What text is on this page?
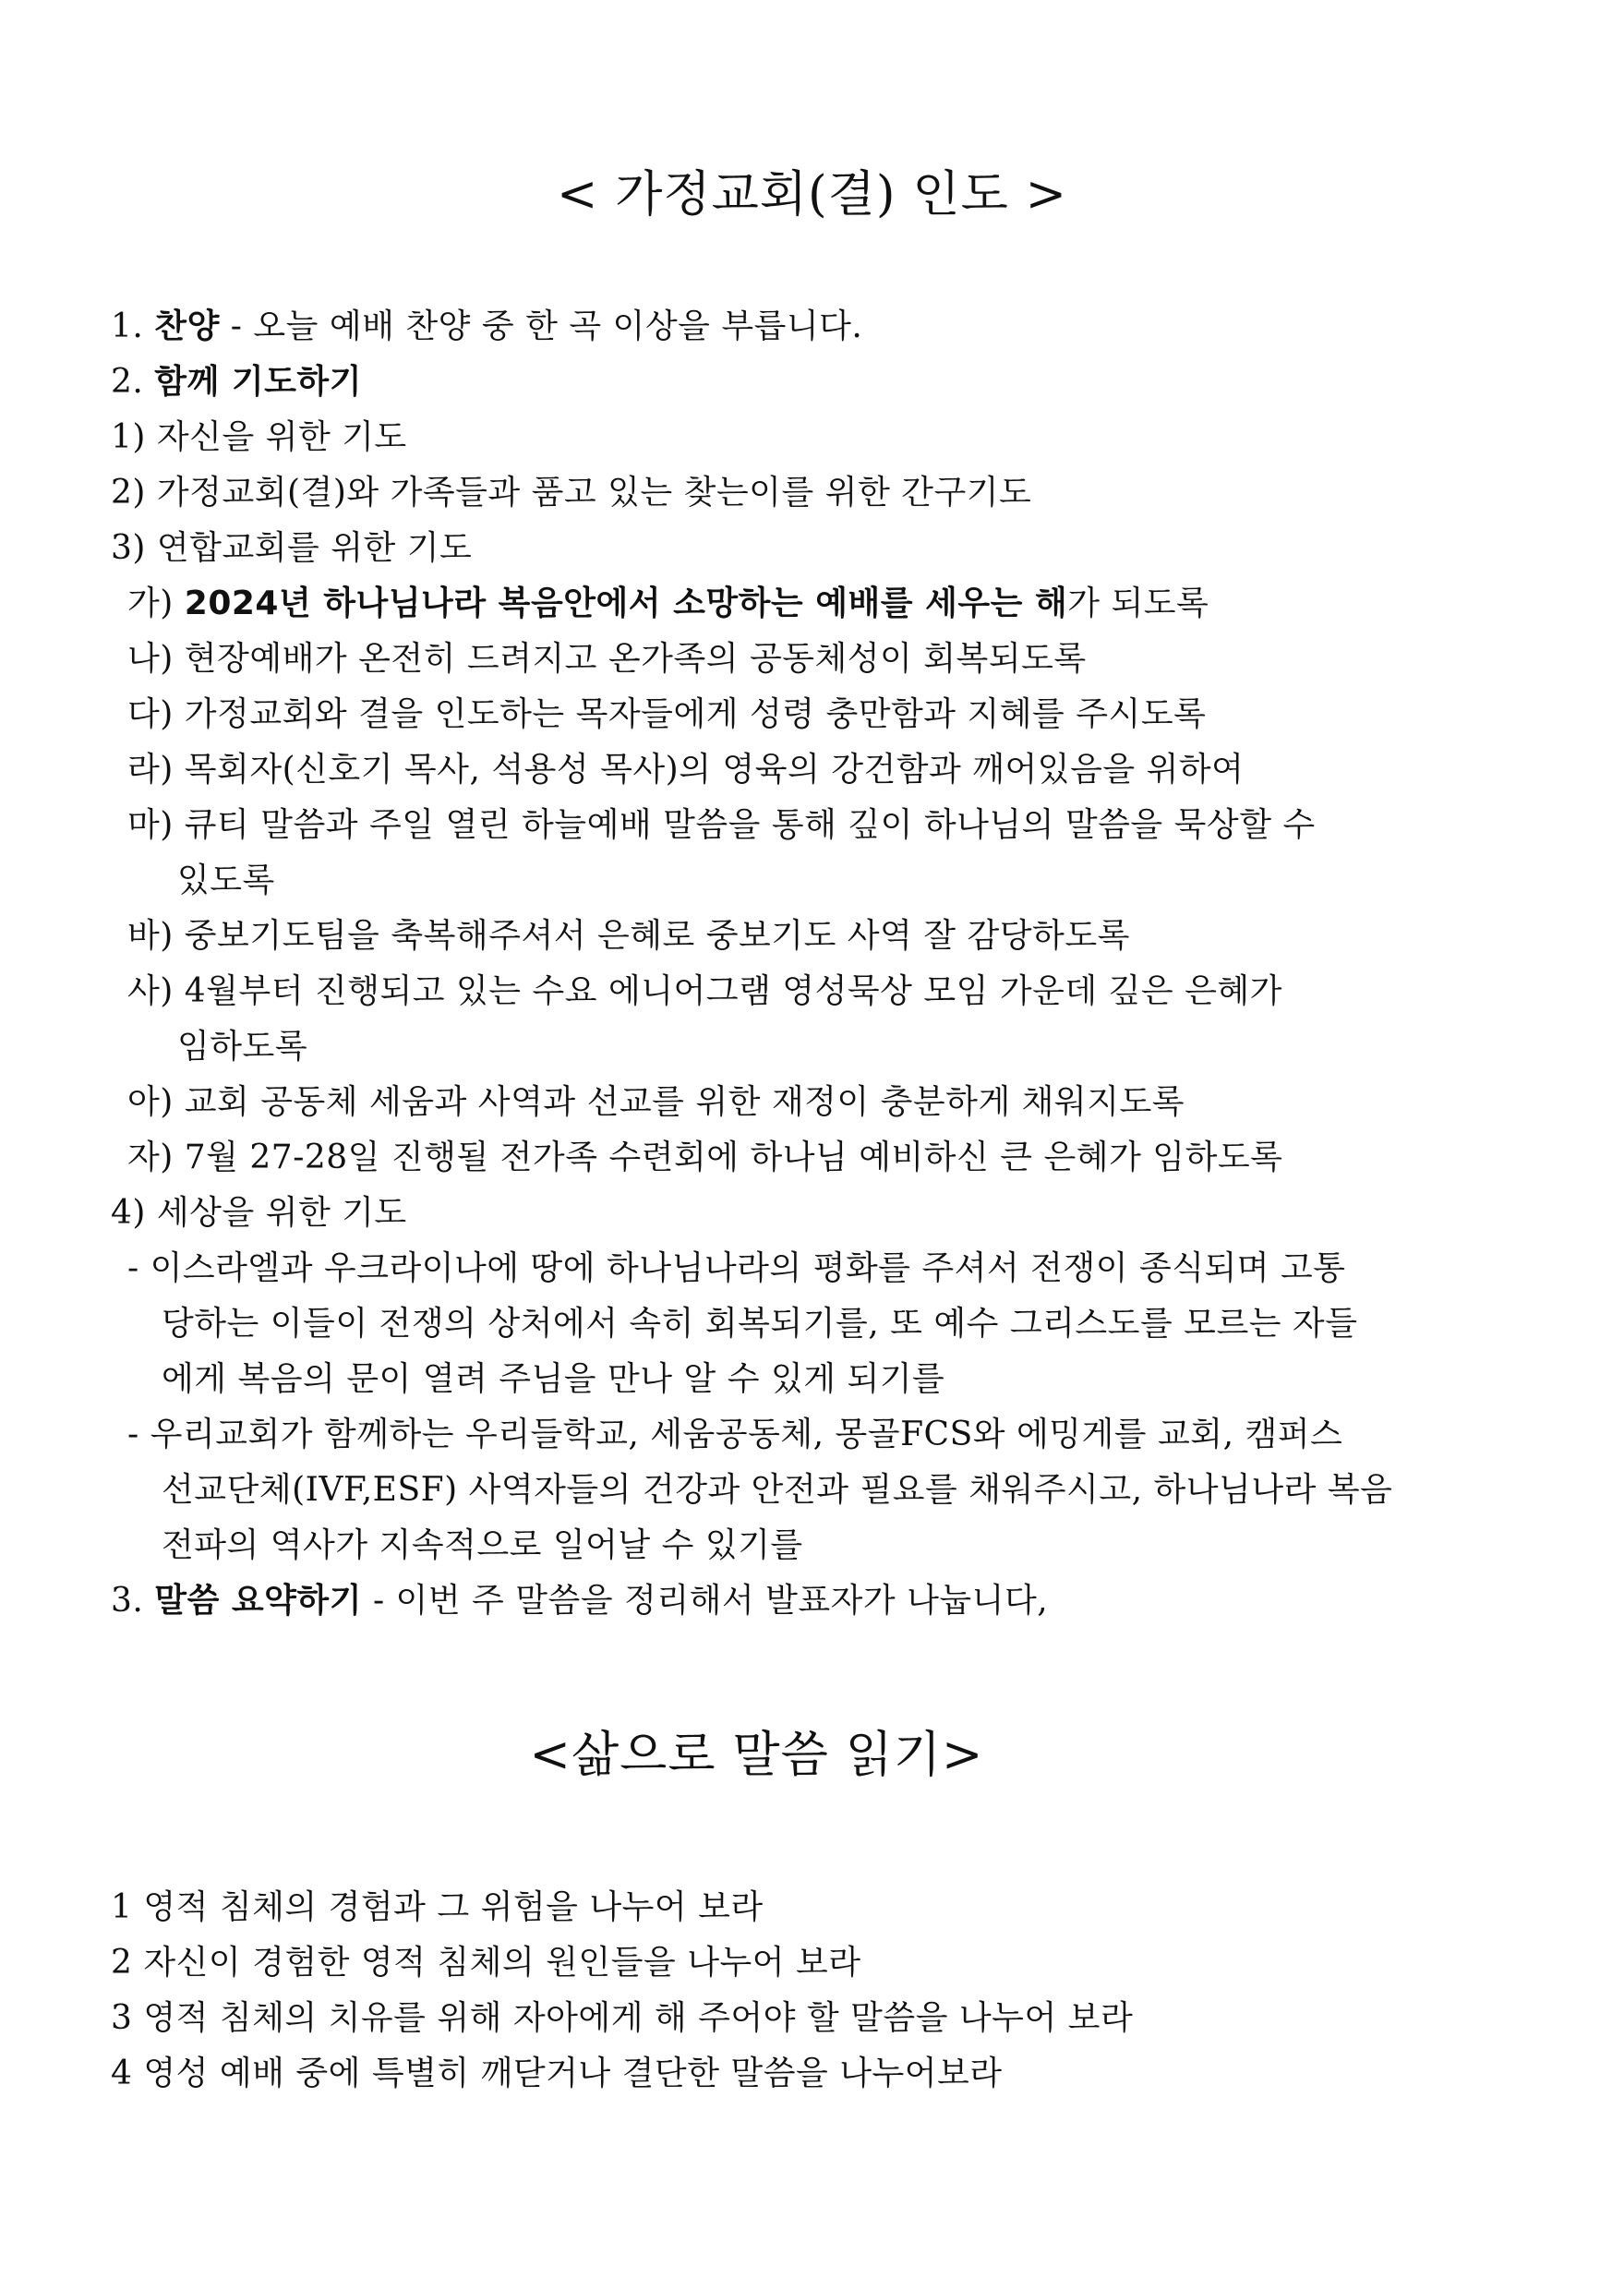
< 가정교회(결) 인도 >
1. 찬양 - 오늘 예배 찬양 중 한 곡 이상을 부릅니다.
2. 함께 기도하기
1) 자신을 위한 기도
2) 가정교회(결)와 가족들과 품고 있는 찾는이를 위한 간구기도
3) 연합교회를 위한 기도
가) 2024년 하나님나라 복음안에서 소망하는 예배를 세우는 해가 되도록
나) 현장예배가 온전히 드려지고 온가족의 공동체성이 회복되도록
다) 가정교회와 결을 인도하는 목자들에게 성령 충만함과 지혜를 주시도록
라) 목회자(신호기 목사, 석용성 목사)의 영육의 강건함과 깨어있음을 위하여
마) 큐티 말씀과 주일 열린 하늘예배 말씀을 통해 깊이 하나님의 말씀을 묵상할 수
있도록
바) 중보기도팀을 축복해주셔서 은혜로 중보기도 사역 잘 감당하도록
사) 4월부터 진행되고 있는 수요 에니어그램 영성묵상 모임 가운데 깊은 은혜가
임하도록
아) 교회 공동체 세움과 사역과 선교를 위한 재정이 충분하게 채워지도록
자) 7월 27-28일 진행될 전가족 수련회에 하나님 예비하신 큰 은혜가 임하도록
4) 세상을 위한 기도
- 이스라엘과 우크라이나에 땅에 하나님나라의 평화를 주셔서 전쟁이 종식되며 고통
당하는 이들이 전쟁의 상처에서 속히 회복되기를, 또 예수 그리스도를 모르는 자들
에게 복음의 문이 열려 주님을 만나 알 수 있게 되기를
- 우리교회가 함께하는 우리들학교, 세움공동체, 몽골FCS와 에밍게를 교회, 캠퍼스
선교단체(IVF,ESF) 사역자들의 건강과 안전과 필요를 채워주시고, 하나님나라 복음
전파의 역사가 지속적으로 일어날 수 있기를
3. 말씀 요약하기 - 이번 주 말씀을 정리해서 발표자가 나눕니다,
<삶으로 말씀 읽기>
1 영적 침체의 경험과 그 위험을 나누어 보라
2 자신이 경험한 영적 침체의 원인들을 나누어 보라
3 영적 침체의 치유를 위해 자아에게 해 주어야 할 말씀을 나누어 보라
4 영성 예배 중에 특별히 깨닫거나 결단한 말씀을 나누어보라
